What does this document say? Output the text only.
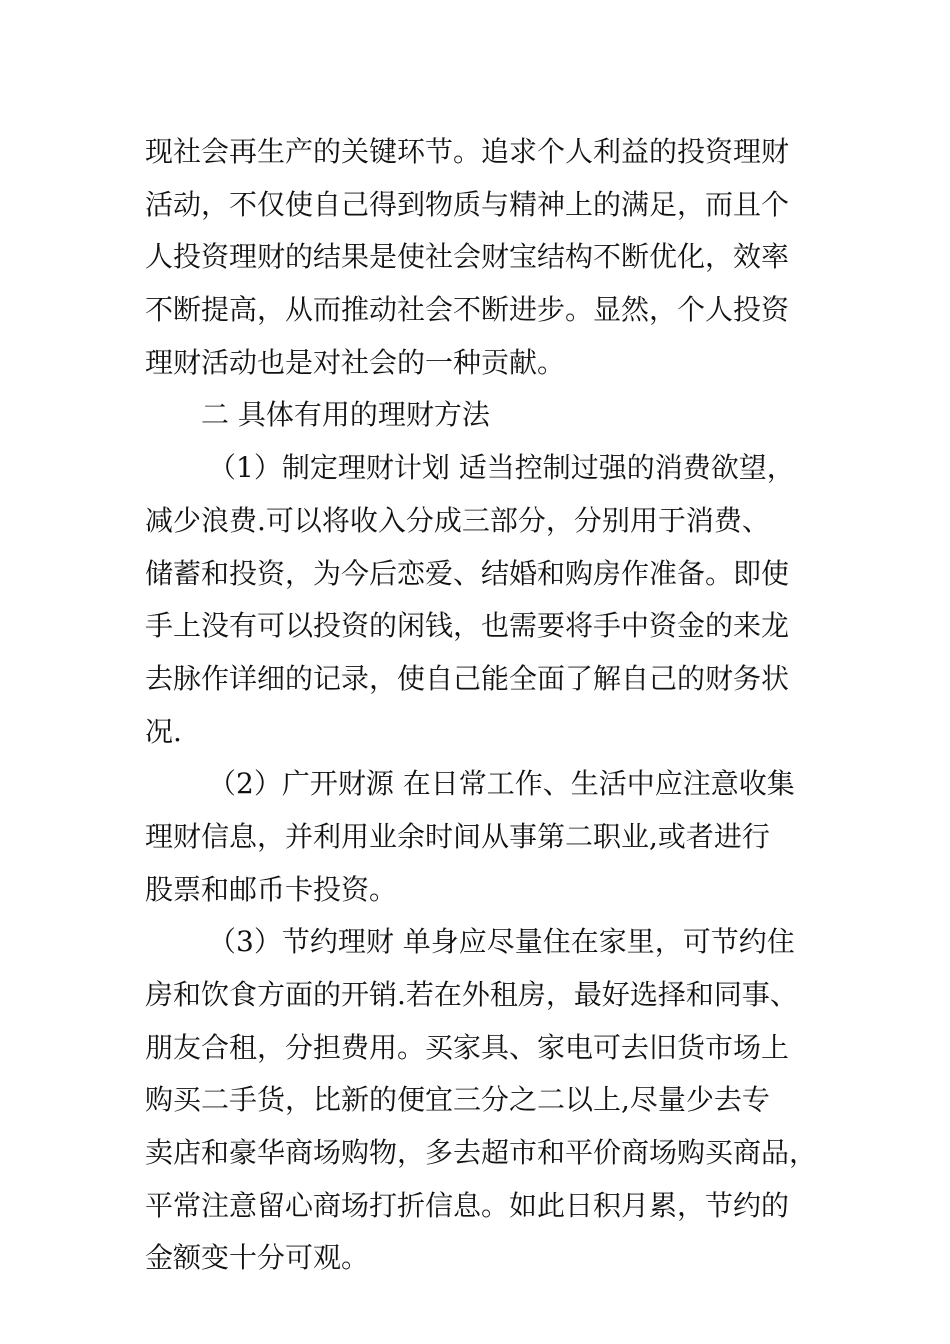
现社会再生产的关键环节。追求个人利益的投资理财
活动，不仅使自己得到物质与精神上的满足，而且个
人投资理财的结果是使社会财宝结构不断优化，效率
不断提高，从而推动社会不断进步。显然，个人投资
理财活动也是对社会的一种贡献。
二 具体有用的理财方法
（1）制定理财计划 适当控制过强的消费欲望，
减少浪费.可以将收入分成三部分，分别用于消费、
储蓄和投资，为今后恋爱、结婚和购房作准备。即使
手上没有可以投资的闲钱，也需要将手中资金的来龙
去脉作详细的记录，使自己能全面了解自己的财务状
况.
（2）广开财源 在日常工作、生活中应注意收集
理财信息，并利用业余时间从事第二职业,或者进行
股票和邮币卡投资。
（3）节约理财 单身应尽量住在家里，可节约住
房和饮食方面的开销.若在外租房，最好选择和同事、
朋友合租，分担费用。买家具、家电可去旧货市场上
购买二手货，比新的便宜三分之二以上,尽量少去专
卖店和豪华商场购物，多去超市和平价商场购买商品，
平常注意留心商场打折信息。如此日积月累，节约的
金额变十分可观。
